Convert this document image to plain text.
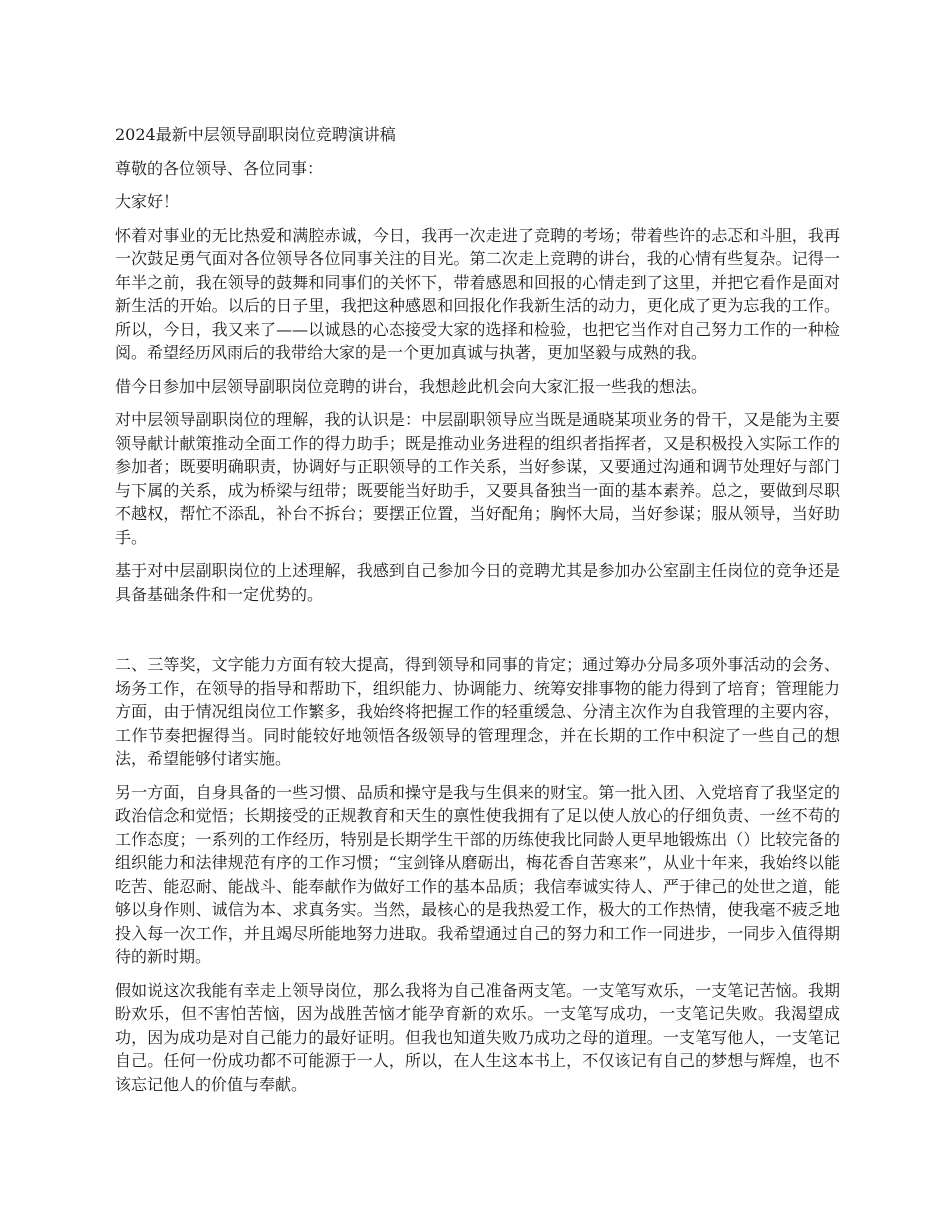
2024最新中层领导副职岗位竞聘演讲稿

尊敬的各位领导、各位同事：

大家好！

怀着对事业的无比热爱和满腔赤诚，今日，我再一次走进了竞聘的考场；带着些许的忐忑和斗胆，我再一次鼓足勇气面对各位领导各位同事关注的目光。第二次走上竞聘的讲台，我的心情有些复杂。记得一年半之前，我在领导的鼓舞和同事们的关怀下，带着感恩和回报的心情走到了这里，并把它看作是面对新生活的开始。以后的日子里，我把这种感恩和回报化作我新生活的动力，更化成了更为忘我的工作。所以，今日，我又来了——以诚恳的心态接受大家的选择和检验，也把它当作对自己努力工作的一种检阅。希望经历风雨后的我带给大家的是一个更加真诚与执著，更加坚毅与成熟的我。

借今日参加中层领导副职岗位竞聘的讲台，我想趁此机会向大家汇报一些我的想法。

对中层领导副职岗位的理解，我的认识是：中层副职领导应当既是通晓某项业务的骨干，又是能为主要领导献计献策推动全面工作的得力助手；既是推动业务进程的组织者指挥者，又是积极投入实际工作的参加者；既要明确职责，协调好与正职领导的工作关系，当好参谋，又要通过沟通和调节处理好与部门与下属的关系，成为桥梁与纽带；既要能当好助手，又要具备独当一面的基本素养。总之，要做到尽职不越权，帮忙不添乱，补台不拆台；要摆正位置，当好配角；胸怀大局，当好参谋；服从领导，当好助手。

基于对中层副职岗位的上述理解，我感到自己参加今日的竞聘尤其是参加办公室副主任岗位的竞争还是具备基础条件和一定优势的。

二、三等奖，文字能力方面有较大提高，得到领导和同事的肯定；通过筹办分局多项外事活动的会务、场务工作，在领导的指导和帮助下，组织能力、协调能力、统筹安排事物的能力得到了培育；管理能力方面，由于情况组岗位工作繁多，我始终将把握工作的轻重缓急、分清主次作为自我管理的主要内容，工作节奏把握得当。同时能较好地领悟各级领导的管理理念，并在长期的工作中积淀了一些自己的想法，希望能够付诸实施。

另一方面，自身具备的一些习惯、品质和操守是我与生俱来的财宝。第一批入团、入党培育了我坚定的政治信念和觉悟；长期接受的正规教育和天生的禀性使我拥有了足以使人放心的仔细负责、一丝不苟的工作态度；一系列的工作经历，特别是长期学生干部的历练使我比同龄人更早地锻炼出（）比较完备的组织能力和法律规范有序的工作习惯；“宝剑锋从磨砺出，梅花香自苦寒来”，从业十年来，我始终以能吃苦、能忍耐、能战斗、能奉献作为做好工作的基本品质；我信奉诚实待人、严于律己的处世之道，能够以身作则、诚信为本、求真务实。当然，最核心的是我热爱工作，极大的工作热情，使我毫不疲乏地投入每一次工作，并且竭尽所能地努力进取。我希望通过自己的努力和工作一同进步，一同步入值得期待的新时期。

假如说这次我能有幸走上领导岗位，那么我将为自己准备两支笔。一支笔写欢乐，一支笔记苦恼。我期盼欢乐，但不害怕苦恼，因为战胜苦恼才能孕育新的欢乐。一支笔写成功，一支笔记失败。我渴望成功，因为成功是对自己能力的最好证明。但我也知道失败乃成功之母的道理。一支笔写他人，一支笔记自己。任何一份成功都不可能源于一人，所以，在人生这本书上，不仅该记有自己的梦想与辉煌，也不该忘记他人的价值与奉献。
